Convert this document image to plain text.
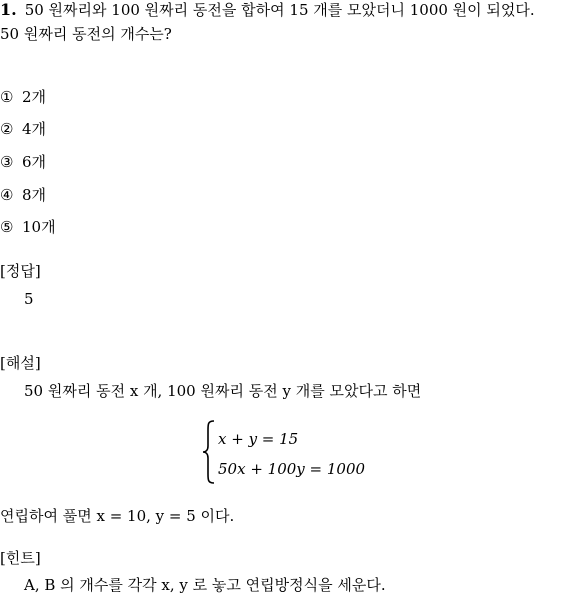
1. 50 원짜리와 100 원짜리 동전을 합하여 15 개를 모았더니 1000 원이 되었다.
50 원짜리 동전의 개수는?
① 2개
② 4개
③ 6개
④ 8개
⑤ 10개
[정답]
5
[해설]
50 원짜리 동전 x 개, 100 원짜리 동전 y 개를 모았다고 하면
x + y = 15
50x + 100y = 1000
연립하여 풀면 x = 10, y = 5 이다.
[힌트]
A, B 의 개수를 각각 x, y 로 놓고 연립방정식을 세운다.
